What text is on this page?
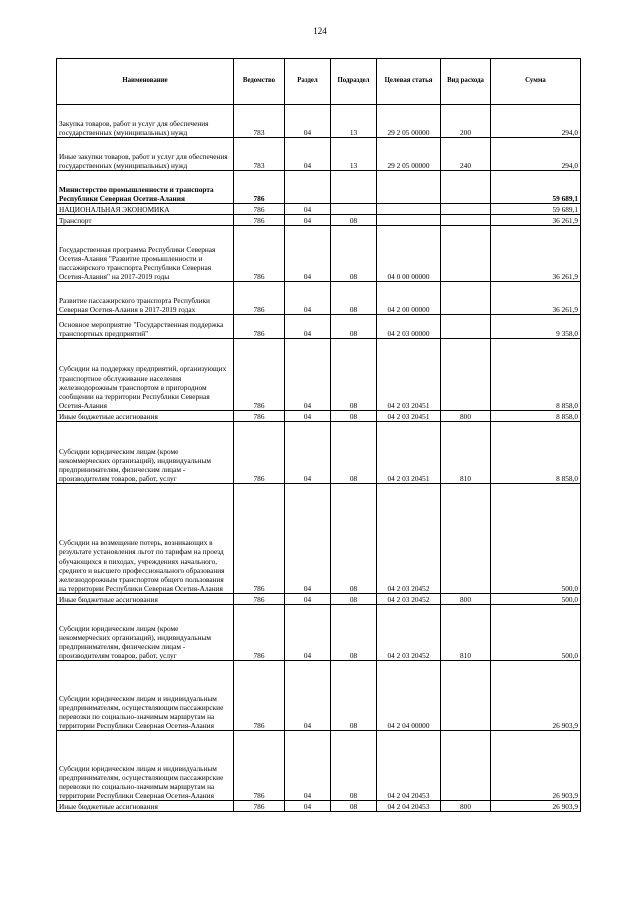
124
Наименование	Ведомство	Раздел	Подраздел	Целевая статья	Вид расхода	Сумма
Закупка товаров, работ и услуг для обеспечения государственных (муниципальных) нужд	783	04	13	29 2 05 00000	200	294,0
Иные закупки товаров, работ и услуг для обеспечения государственных (муниципальных) нужд	783	04	13	29 2 05 00000	240	294,0
Министерство промышленности и транспорта Республики Северная Осетия-Алания	786					59 689,1
НАЦИОНАЛЬНАЯ ЭКОНОМИКА	786	04				59 689,1
Транспорт	786	04	08			36 261,9
Государственная программа Республики Северная Осетия-Алания "Развитие промышленности и пассажирского транспорта Республики Северная Осетия-Алания" на 2017-2019 годы	786	04	08	04 0 00 00000		36 261,9
Развитие пассажирского транспорта Республики Северная Осетия-Алания в 2017-2019 годах	786	04	08	04 2 00 00000		36 261,9
Основное мероприятие "Государственная поддержка транспортных предприятий"	786	04	08	04 2 03 00000		9 358,0
Субсидии на поддержку предприятий, организующих транспортное обслуживание населения железнодорожным транспортом в пригородном сообщении на территории Республики Северная Осетия-Алания	786	04	08	04 2 03 20451		8 858,0
Иные бюджетные ассигнования	786	04	08	04 2 03 20451	800	8 858,0
Субсидии юридическим лицам (кроме некоммерческих организаций), индивидуальным предпринимателям, физическим лицам - производителям товаров, работ, услуг	786	04	08	04 2 03 20451	810	8 858,0
Субсидии на возмещение потерь, возникающих в результате установления льгот по тарифам на проезд обучающихся в пиходах, учреждениях начального, среднего и высшего профессионального образования железнодорожным транспортом общего пользования на территории Республики Северная Осетия-Алания	786	04	08	04 2 03 20452		500,0
Иные бюджетные ассигнования	786	04	08	04 2 03 20452	800	500,0
Субсидии юридическим лицам (кроме некоммерческих организаций), индивидуальным предпринимателям, физическим лицам - производителям товаров, работ, услуг	786	04	08	04 2 03 20452	810	500,0
Субсидии юридическим лицам и индивидуальным предпринимателям, осуществляющим пассажирские перевозки по социально-значимым маршрутам на территории Республики Северная Осетия-Алания	786	04	08	04 2 04 00000		26 903,9
Субсидии юридическим лицам и индивидуальным предпринимателям, осуществляющим пассажирские перевозки по социально-значимым маршрутам на территории Республики Северная Осетия-Алания	786	04	08	04 2 04 20453		26 903,9
Иные бюджетные ассигнования	786	04	08	04 2 04 20453	800	26 903,9
